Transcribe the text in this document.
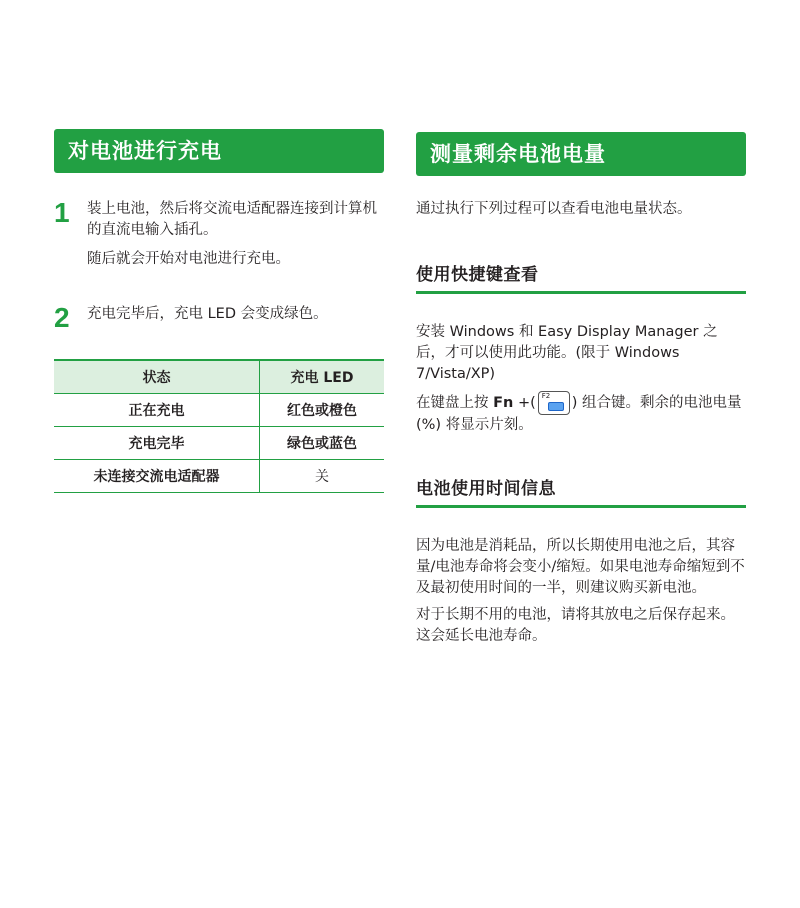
对电池进行充电
1 装上电池，然后将交流电适配器连接到计算机的直流电输入插孔。

随后就会开始对电池进行充电。

2 充电完毕后，充电 LED 会变成绿色。

状态	充电 LED
正在充电	红色或橙色
充电完毕	绿色或蓝色
未连接交流电适配器	关
测量剩余电池电量

通过执行下列过程可以查看电池电量状态。

使用快捷键查看

安装 Windows 和 Easy Display Manager 之后，才可以使用此功能。(限于 Windows 7/Vista/XP)

在键盘上按 Fn +( F2 ) 组合键。剩余的电池电量(%) 将显示片刻。

电池使用时间信息

因为电池是消耗品，所以长期使用电池之后，其容量/电池寿命将会变小/缩短。如果电池寿命缩短到不及最初使用时间的一半，则建议购买新电池。

对于长期不用的电池，请将其放电之后保存起来。这会延长电池寿命。
